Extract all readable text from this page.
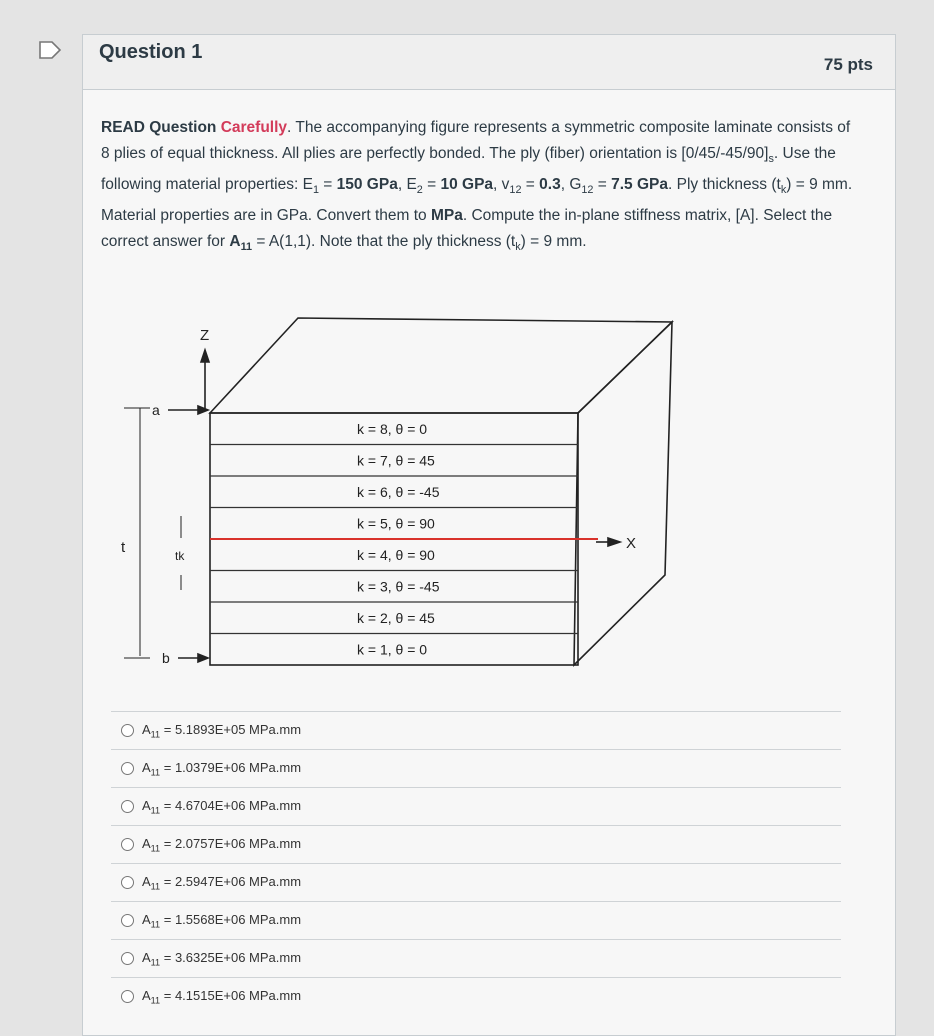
Question 1
75 pts
READ Question Carefully. The accompanying figure represents a symmetric composite laminate consists of 8 plies of equal thickness. All plies are perfectly bonded. The ply (fiber) orientation is $[0/45/-45/90]_s$. Use the following material properties: $E_1 = 150$ GPa, $E_2 = 10$ GPa, $v_{12} = 0.3$, $G_{12} = 7.5$ GPa. Ply thickness $(t_k) = 9$ mm. Material properties are in GPa. Convert them to MPa. Compute the in-plane stiffness matrix, [A]. Select the correct answer for $A_{11} = A(1,1)$. Note that the ply thickness $(t_k) = 9$ mm.
$A_{11} = 5.1893E+05$ MPa.mm
$A_{11} = 1.0379E+06$ MPa.mm
$A_{11} = 4.6704E+06$ MPa.mm
$A_{11} = 2.0757E+06$ MPa.mm
$A_{11} = 2.5947E+06$ MPa.mm
$A_{11} = 1.5568E+06$ MPa.mm
$A_{11} = 3.6325E+06$ MPa.mm
$A_{11} = 4.1515E+06$ MPa.mm
k = 8, θ = 0
k = 7, θ = 45
k = 6, θ = -45
k = 5, θ = 90
k = 4, θ = 90
k = 3, θ = -45
k = 2, θ = 45
k = 1, θ = 0
Z
X
a
b
t	tk
